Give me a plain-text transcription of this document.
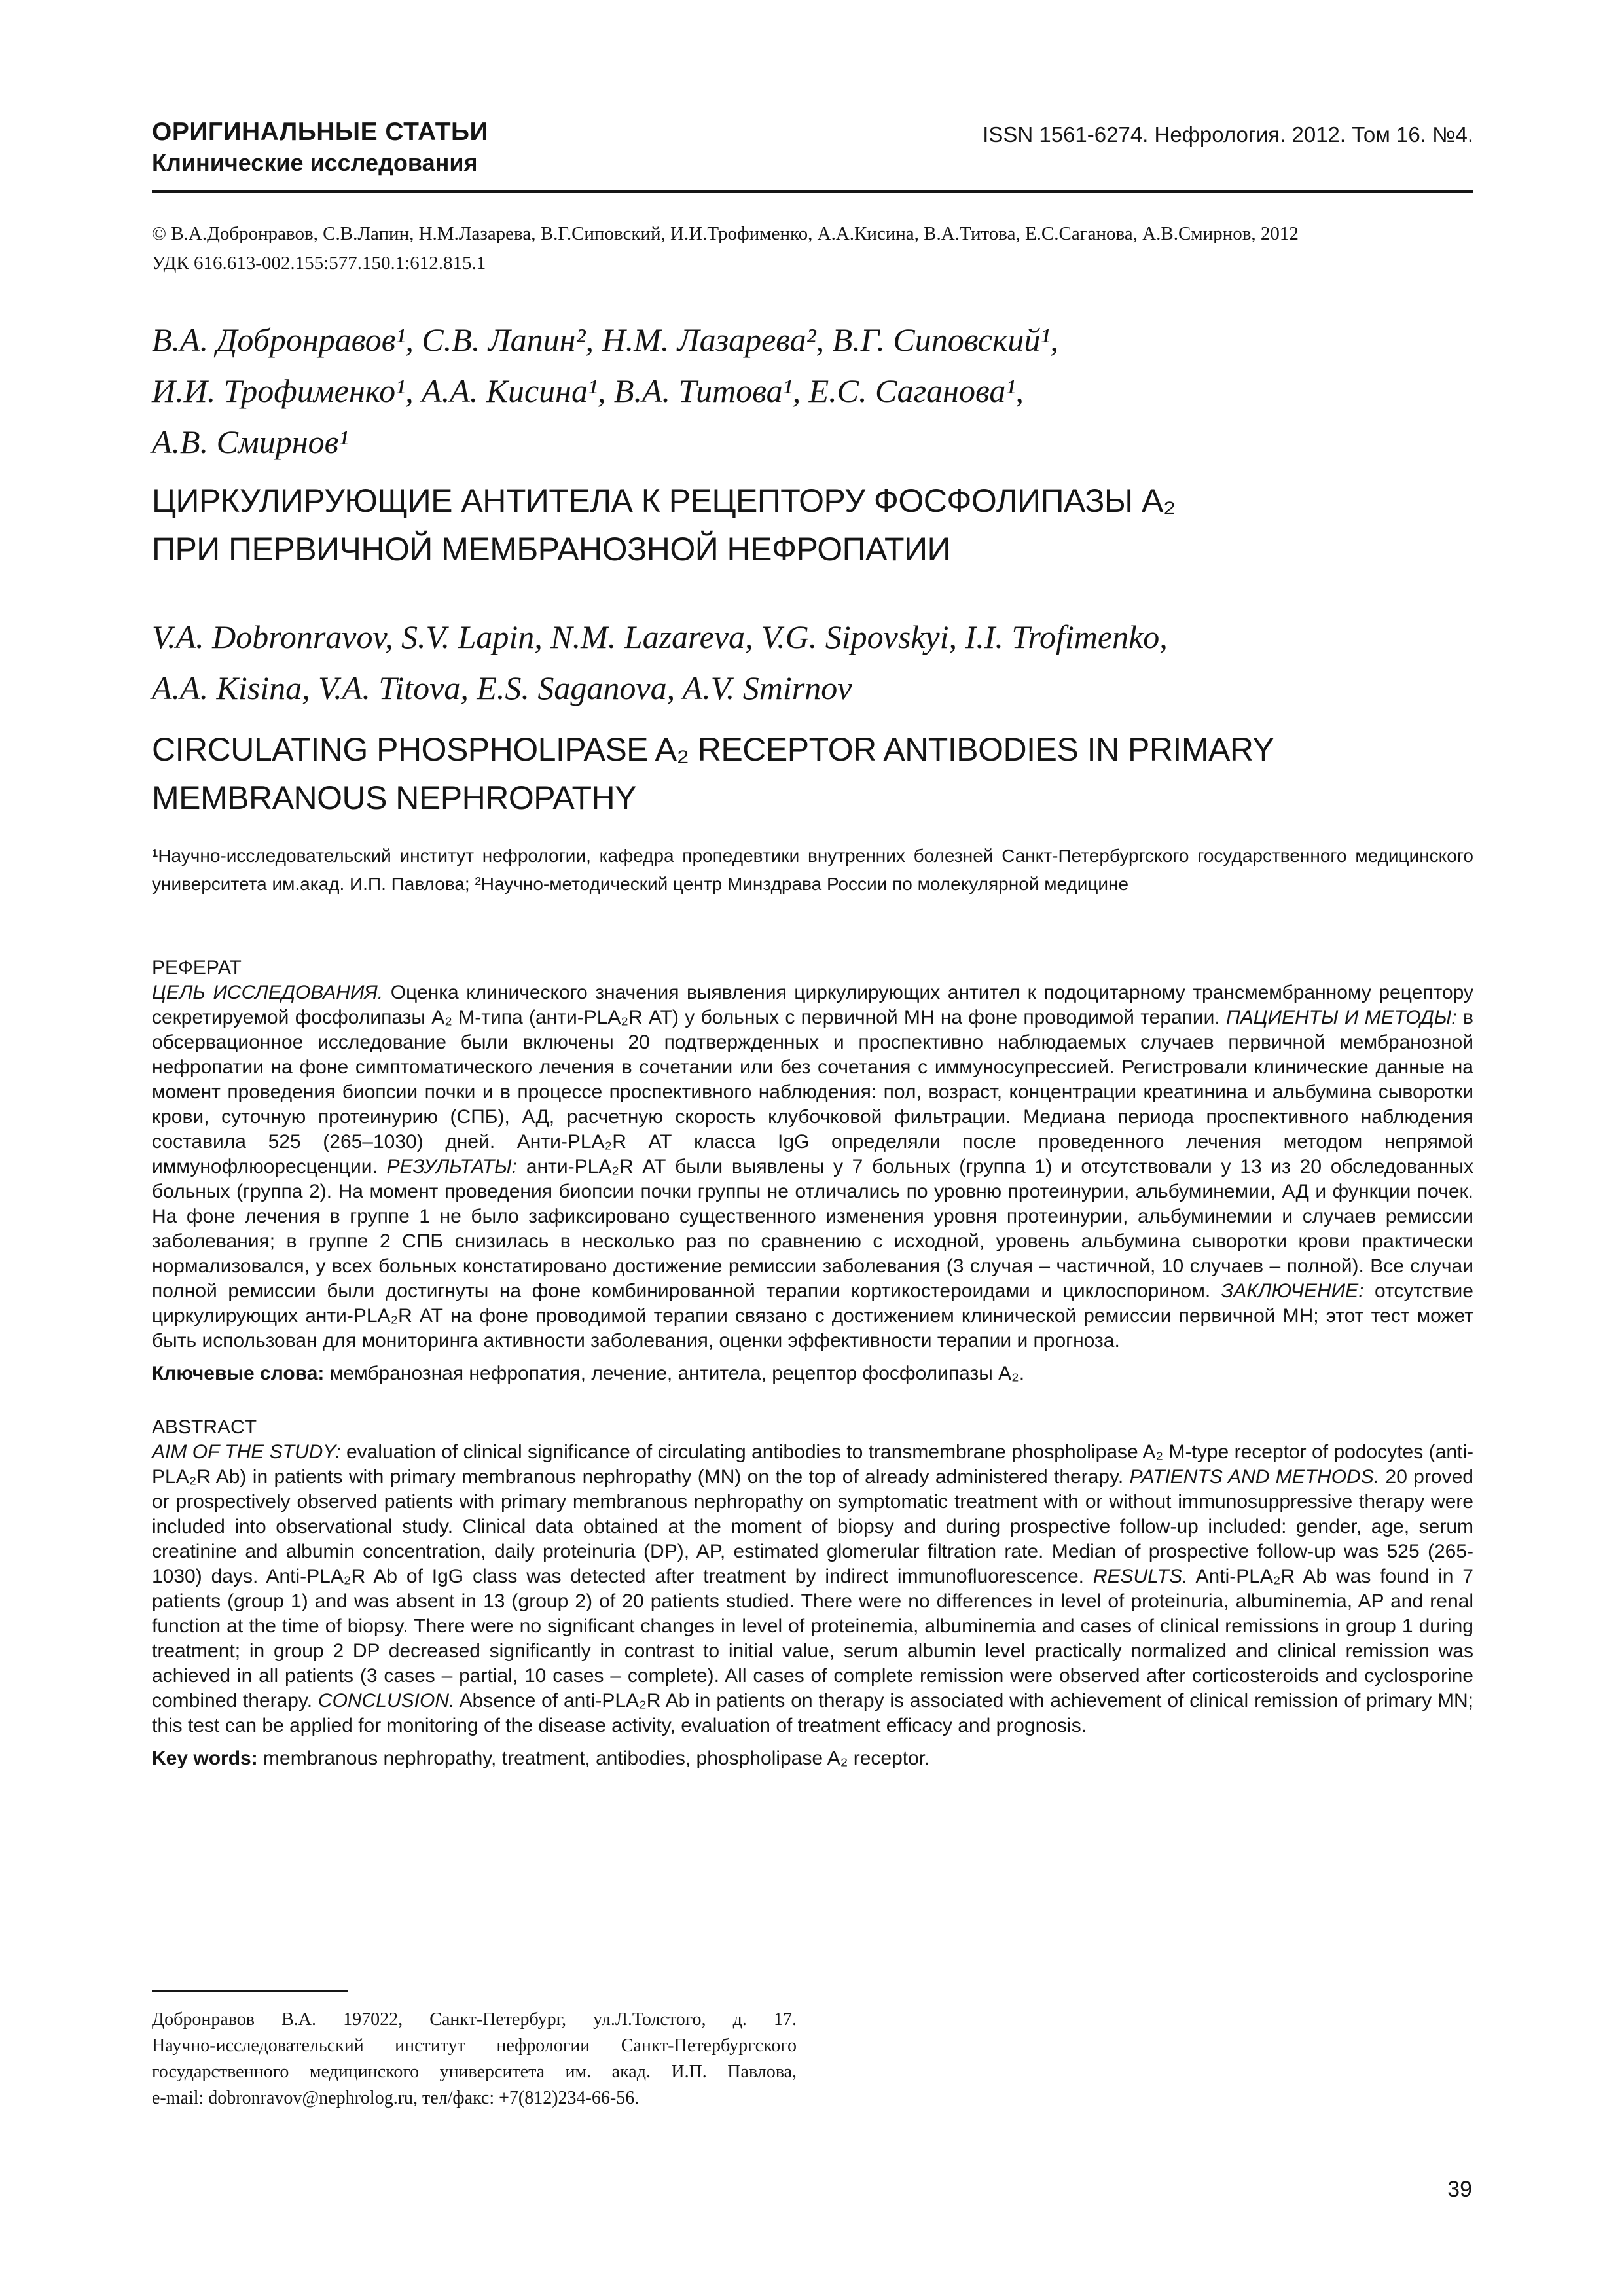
ОРИГИНАЛЬНЫЕ СТАТЬИ
Клинические исследования
ISSN 1561-6274. Нефрология. 2012. Том 16. №4.
© В.А.Добронравов, С.В.Лапин, Н.М.Лазарева, В.Г.Сиповский, И.И.Трофименко, А.А.Кисина, В.А.Титова, Е.С.Саганова, А.В.Смирнов, 2012
УДК 616.613-002.155:577.150.1:612.815.1
В.А. Добронравов¹, С.В. Лапин², Н.М. Лазарева², В.Г. Сиповский¹,
И.И. Трофименко¹, А.А. Кисина¹, В.А. Титова¹, Е.С. Саганова¹,
А.В. Смирнов¹
ЦИРКУЛИРУЮЩИЕ АНТИТЕЛА К РЕЦЕПТОРУ ФОСФОЛИПАЗЫ А₂
ПРИ ПЕРВИЧНОЙ МЕМБРАНОЗНОЙ НЕФРОПАТИИ
V.A. Dobronravov, S.V. Lapin, N.M. Lazareva, V.G. Sipovskyi, I.I. Trofimenko,
A.A. Kisina, V.A. Titova, E.S. Saganova, A.V. Smirnov
CIRCULATING PHOSPHOLIPASE A₂ RECEPTOR ANTIBODIES IN PRIMARY
MEMBRANOUS NEPHROPATHY
¹Научно-исследовательский институт нефрологии, кафедра пропедевтики внутренних болезней Санкт-Петербургского государственного медицинского университета им.акад. И.П. Павлова; ²Научно-методический центр Минздрава России по молекулярной медицине
РЕФЕРАТ
ЦЕЛЬ ИССЛЕДОВАНИЯ. Оценка клинического значения выявления циркулирующих антител к подоцитарному трансмембранному рецептору секретируемой фосфолипазы А₂ М-типа (анти-PLA₂R АТ) у больных с первичной МН на фоне проводимой терапии. ПАЦИЕНТЫ И МЕТОДЫ: в обсервационное исследование были включены 20 подтвержденных и проспективно наблюдаемых случаев первичной мембранозной нефропатии на фоне симптоматического лечения в сочетании или без сочетания с иммуносупрессией. Регистровали клинические данные на момент проведения биопсии почки и в процессе проспективного наблюдения: пол, возраст, концентрации креатинина и альбумина сыворотки крови, суточную протеинурию (СПБ), АД, расчетную скорость клубочковой фильтрации. Медиана периода проспективного наблюдения составила 525 (265–1030) дней. Анти-PLA₂R АТ класса IgG определяли после проведенного лечения методом непрямой иммунофлюоресценции. РЕЗУЛЬТАТЫ: анти-PLA₂R АТ были выявлены у 7 больных (группа 1) и отсутствовали у 13 из 20 обследованных больных (группа 2). На момент проведения биопсии почки группы не отличались по уровню протеинурии, альбуминемии, АД и функции почек. На фоне лечения в группе 1 не было зафиксировано существенного изменения уровня протеинурии, альбуминемии и случаев ремиссии заболевания; в группе 2 СПБ снизилась в несколько раз по сравнению с исходной, уровень альбумина сыворотки крови практически нормализовался, у всех больных констатировано достижение ремиссии заболевания (3 случая – частичной, 10 случаев – полной). Все случаи полной ремиссии были достигнуты на фоне комбинированной терапии кортикостероидами и циклоспорином. ЗАКЛЮЧЕНИЕ: отсутствие циркулирующих анти-PLA₂R АТ на фоне проводимой терапии связано с достижением клинической ремиссии первичной МН; этот тест может быть использован для мониторинга активности заболевания, оценки эффективности терапии и прогноза.
Ключевые слова: мембранозная нефропатия, лечение, антитела, рецептор фосфолипазы А₂.
ABSTRACT
AIM OF THE STUDY: evaluation of clinical significance of circulating antibodies to transmembrane phospholipase A₂ M-type receptor of podocytes (anti-PLA₂R Ab) in patients with primary membranous nephropathy (MN) on the top of already administered therapy. PATIENTS AND METHODS. 20 proved or prospectively observed patients with primary membranous nephropathy on symptomatic treatment with or without immunosuppressive therapy were included into observational study. Clinical data obtained at the moment of biopsy and during prospective follow-up included: gender, age, serum creatinine and albumin concentration, daily proteinuria (DP), AP, estimated glomerular filtration rate. Median of prospective follow-up was 525 (265-1030) days. Anti-PLA₂R Ab of IgG class was detected after treatment by indirect immunofluorescence. RESULTS. Anti-PLA₂R Ab was found in 7 patients (group 1) and was absent in 13 (group 2) of 20 patients studied. There were no differences in level of proteinuria, albuminemia, AP and renal function at the time of biopsy. There were no significant changes in level of proteinemia, albuminemia and cases of clinical remissions in group 1 during treatment; in group 2 DP decreased significantly in contrast to initial value, serum albumin level practically normalized and clinical remission was achieved in all patients (3 cases – partial, 10 cases – complete). All cases of complete remission were observed after corticosteroids and cyclosporine combined therapy. CONCLUSION. Absence of anti-PLA₂R Ab in patients on therapy is associated with achievement of clinical remission of primary MN; this test can be applied for monitoring of the disease activity, evaluation of treatment efficacy and prognosis.
Key words: membranous nephropathy, treatment, antibodies, phospholipase A₂ receptor.
Добронравов В.А. 197022, Санкт-Петербург, ул.Л.Толстого, д. 17.
Научно-исследовательский институт нефрологии Санкт-Петербургского
государственного медицинского университета им. акад. И.П. Павлова,
e-mail: dobronravov@nephrolog.ru, тел/факс: +7(812)234-66-56.
39
